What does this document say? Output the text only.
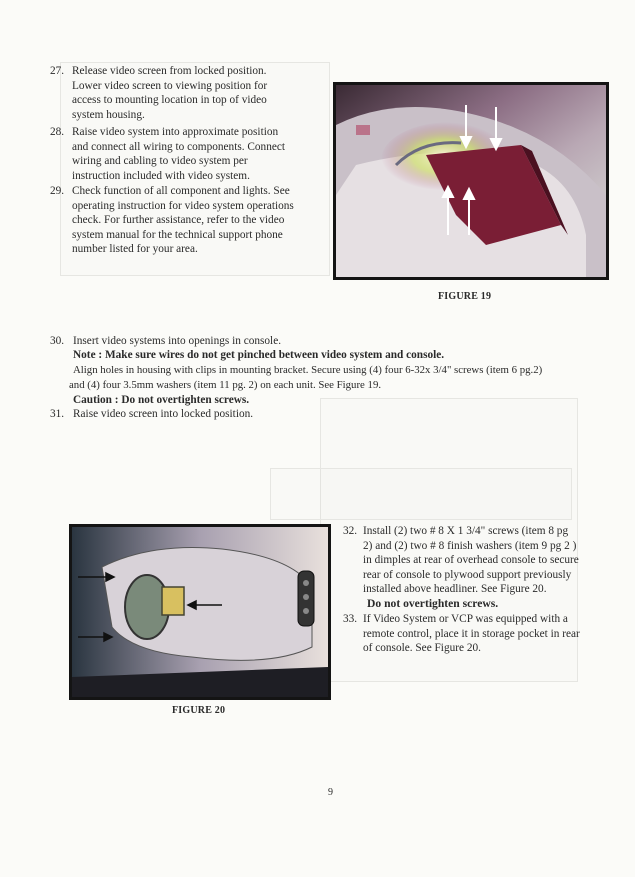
27. Release video screen from locked position.
Lower video screen to viewing position for
access to mounting location in top of video
system housing.
28. Raise video system into approximate position
and connect all wiring to components. Connect
wiring and cabling to video system per
instruction included with video system.
29. Check function of all component and lights. See
operating instruction for video system operations
check. For further assistance, refer to the video
system manual for the technical support phone
number listed for your area.
FIGURE 19
30. Insert video systems into openings in console.
Note : Make sure wires do not get pinched between video system and console.
Align holes in housing with clips in mounting bracket. Secure using (4) four 6-32x 3/4" screws (item 6 pg.2)
and (4) four 3.5mm washers (item 11 pg. 2) on each unit. See Figure 19.
Caution : Do not overtighten screws.
31. Raise video screen into locked position.
FIGURE 20
32. Install (2) two # 8 X 1 3/4" screws (item 8 pg
2) and (2) two # 8 finish washers (item 9 pg 2 )
in dimples at rear of overhead console to secure
rear of console to plywood support previously
installed above headliner. See Figure 20.
Do not overtighten screws.
33. If Video System or VCP was equipped with a
remote control, place it in storage pocket in rear
of console. See Figure 20.
9
